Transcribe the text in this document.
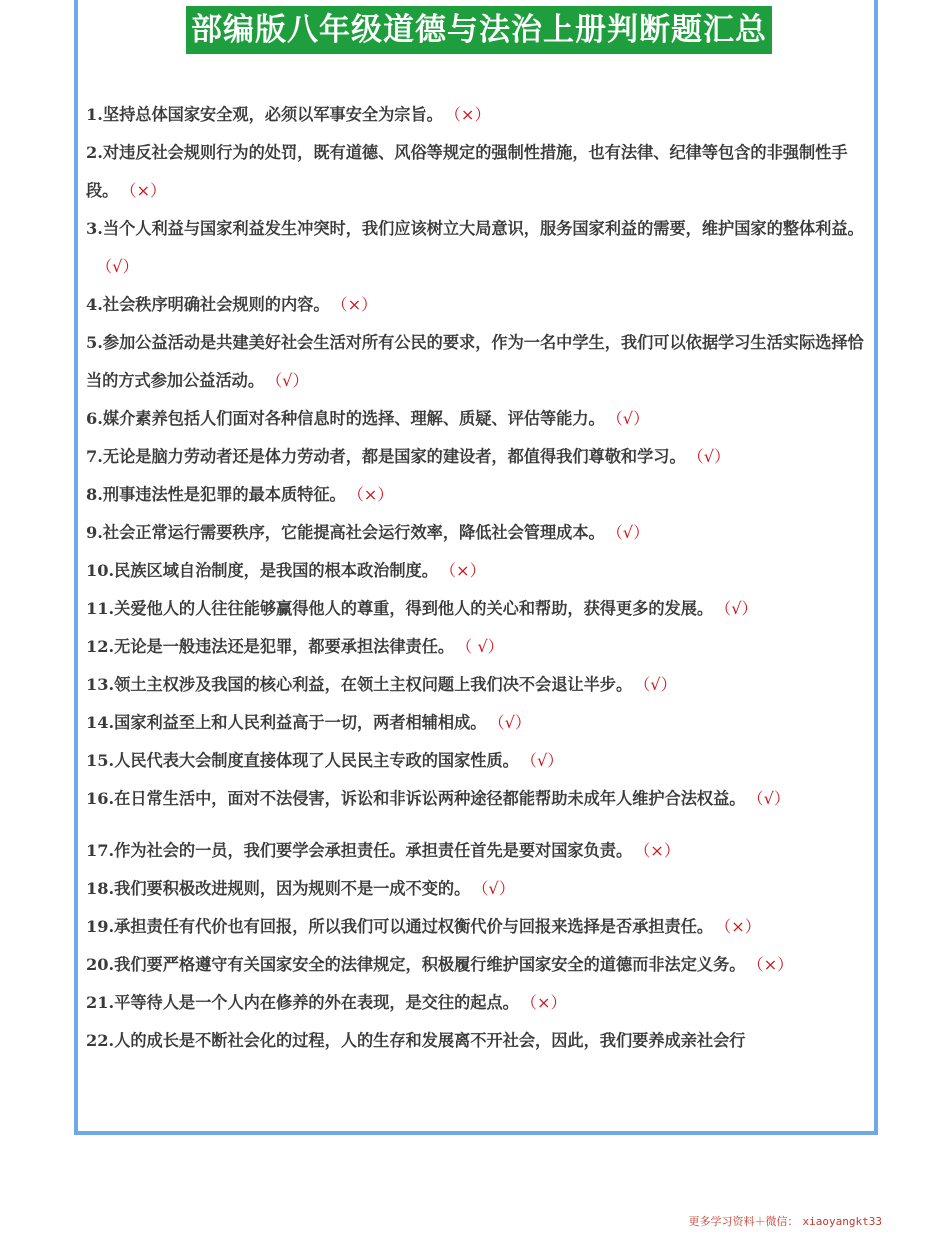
部编版八年级道德与法治上册判断题汇总

1.坚持总体国家安全观，必须以军事安全为宗旨。 （×）

2.对违反社会规则行为的处罚，既有道德、风俗等规定的强制性措施，也有法律、纪律等包含的非强制性手段。 （×）

3.当个人利益与国家利益发生冲突时，我们应该树立大局意识，服务国家利益的需要，维护国家的整体利益。（√）

4.社会秩序明确社会规则的内容。 （×）

5.参加公益活动是共建美好社会生活对所有公民的要求，作为一名中学生，我们可以依据学习生活实际选择恰当的方式参加公益活动。 （√）

6.媒介素养包括人们面对各种信息时的选择、理解、质疑、评估等能力。 （√）

7.无论是脑力劳动者还是体力劳动者，都是国家的建设者，都值得我们尊敬和学习。 （√）

8.刑事违法性是犯罪的最本质特征。 （×）

9.社会正常运行需要秩序，它能提高社会运行效率，降低社会管理成本。 （√）

10.民族区域自治制度，是我国的根本政治制度。 （×）

11.关爱他人的人往往能够赢得他人的尊重，得到他人的关心和帮助，获得更多的发展。 （√）

12.无论是一般违法还是犯罪，都要承担法律责任。 （ √）

13.领土主权涉及我国的核心利益，在领土主权问题上我们决不会退让半步。 （√）

14.国家利益至上和人民利益高于一切，两者相辅相成。 （√）

15.人民代表大会制度直接体现了人民民主专政的国家性质。 （√）

16.在日常生活中，面对不法侵害，诉讼和非诉讼两种途径都能帮助未成年人维护合法权益。 （√）

17.作为社会的一员，我们要学会承担责任。承担责任首先是要对国家负责。 （×）

18.我们要积极改进规则，因为规则不是一成不变的。 （√）

19.承担责任有代价也有回报，所以我们可以通过权衡代价与回报来选择是否承担责任。 （×）

20.我们要严格遵守有关国家安全的法律规定，积极履行维护国家安全的道德而非法定义务。 （×）

21.平等待人是一个人内在修养的外在表现，是交往的起点。 （×）

22.人的成长是不断社会化的过程，人的生存和发展离不开社会，因此，我们要养成亲社会行

更多学习资料＋微信： xiaoyangkt33
